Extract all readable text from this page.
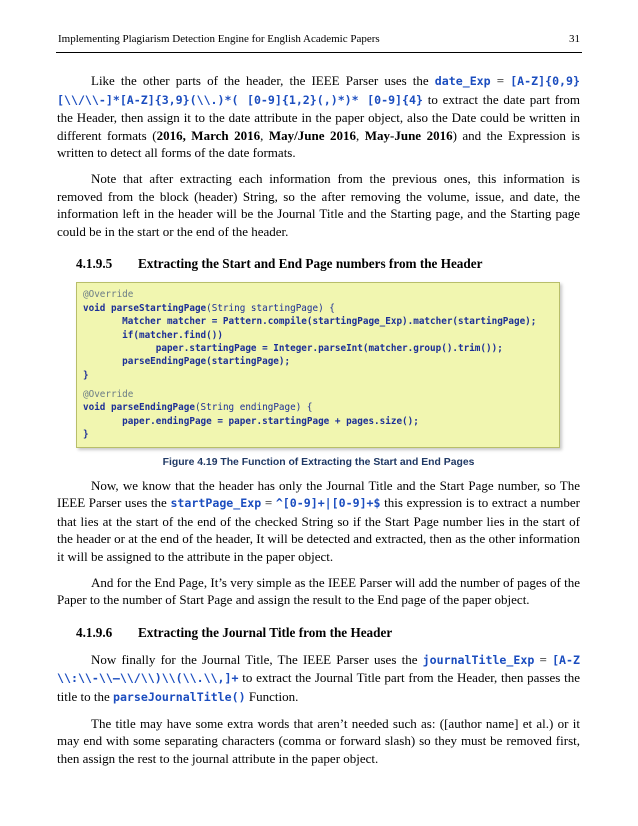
Implementing Plagiarism Detection Engine for English Academic Papers	31

Like the other parts of the header, the IEEE Parser uses the date_Exp = [A-Z]{0,9}[\\/\\-]*[A-Z]{3,9}(\\.)*( [0-9]{1,2}(,)*)* [0-9]{4} to extract the date part from the Header, then assign it to the date attribute in the paper object, also the Date could be written in different formats (2016, March 2016, May/June 2016, May-June 2016) and the Expression is written to detect all forms of the date formats.

Note that after extracting each information from the previous ones, this information is removed from the block (header) String, so the after removing the volume, issue, and date, the information left in the header will be the Journal Title and the Starting page, and the Starting page could be in the start or the end of the header.

4.1.9.5	Extracting the Start and End Page numbers from the Header
@Override
void parseStartingPage(String startingPage) {
Matcher matcher = Pattern.compile(startingPage_Exp).matcher(startingPage);
if(matcher.find())
paper.startingPage = Integer.parseInt(matcher.group().trim());
parseEndingPage(startingPage);
}
@Override
void parseEndingPage(String endingPage) {
paper.endingPage = paper.startingPage + pages.size();
}
Figure 4.19 The Function of Extracting the Start and End Pages

Now, we know that the header has only the Journal Title and the Start Page number, so The IEEE Parser uses the startPage_Exp = ^[0-9]+|[0-9]+$ this expression is to extract a number that lies at the start of the end of the checked String so if the Start Page number lies in the start of the header or at the end of the header, It will be detected and extracted, then as the other information it will be assigned to the attribute in the paper object.

And for the End Page, It’s very simple as the IEEE Parser will add the number of pages of the Paper to the number of Start Page and assign the result to the End page of the paper object.

4.1.9.6	Extracting the Journal Title from the Header

Now finally for the Journal Title, The IEEE Parser uses the journalTitle_Exp = [A-Z \\:\\-\\–\\/\\)\\(\\.\\,]+ to extract the Journal Title part from the Header, then passes the title to the parseJournalTitle() Function.

The title may have some extra words that aren’t needed such as: ([author name] et al.) or it may end with some separating characters (comma or forward slash) so they must be removed first, then assign the rest to the journal attribute in the paper object.
